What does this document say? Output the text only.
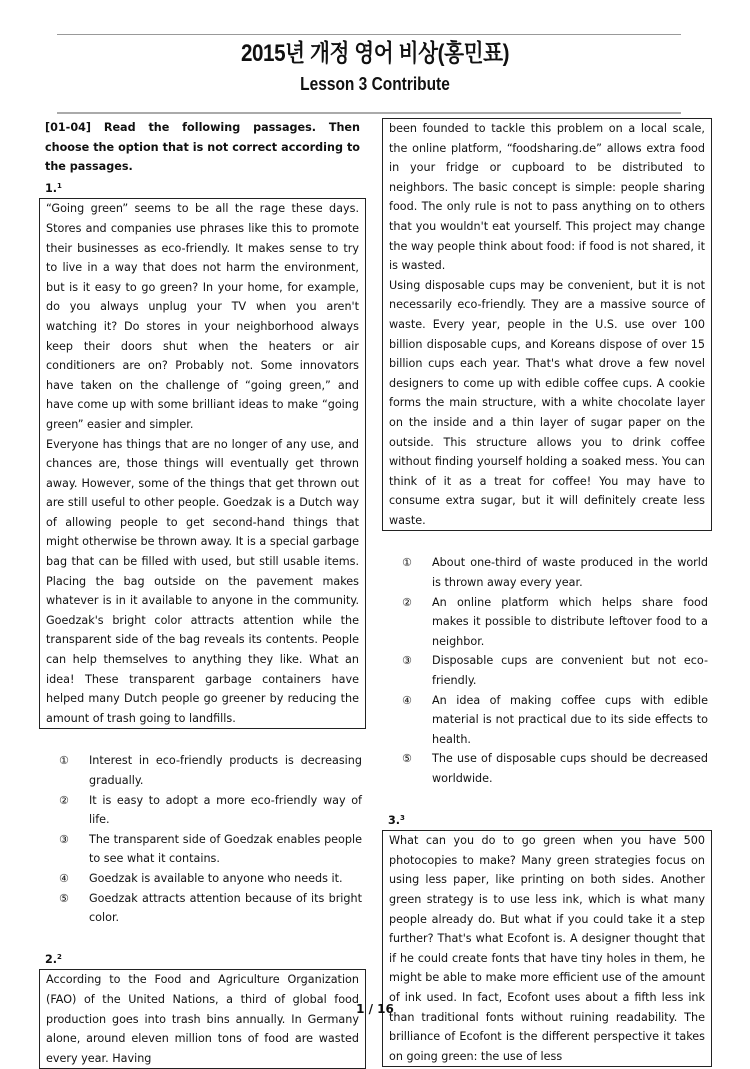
2015년 개정 영어 비상(홍민표)
Lesson 3 Contribute
[01-04] Read the following passages. Then choose the option that is not correct according to the passages.
1.$^1$

“Going green” seems to be all the rage these days. Stores and companies use phrases like this to promote their businesses as eco-friendly. It makes sense to try to live in a way that does not harm the environment, but is it easy to go green? In your home, for example, do you always unplug your TV when you aren't watching it? Do stores in your neighborhood always keep their doors shut when the heaters or air conditioners are on? Probably not. Some innovators have taken on the challenge of “going green,” and have come up with some brilliant ideas to make “going green” easier and simpler.

Everyone has things that are no longer of any use, and chances are, those things will eventually get thrown away. However, some of the things that get thrown out are still useful to other people. Goedzak is a Dutch way of allowing people to get second-hand things that might otherwise be thrown away. It is a special garbage bag that can be filled with used, but still usable items. Placing the bag outside on the pavement makes whatever is in it available to anyone in the community. Goedzak's bright color attracts attention while the transparent side of the bag reveals its contents. People can help themselves to anything they like. What an idea! These transparent garbage containers have helped many Dutch people go greener by reducing the amount of trash going to landfills.

①	Interest in eco-friendly products is decreasing gradually.
②	It is easy to adopt a more eco-friendly way of life.
③	The transparent side of Goedzak enables people to see what it contains.
④	Goedzak is available to anyone who needs it.
⑤	Goedzak attracts attention because of its bright color.
2.$^2$

According to the Food and Agriculture Organization (FAO) of the United Nations, a third of global food production goes into trash bins annually. In Germany alone, around eleven million tons of food are wasted every year. Having

been founded to tackle this problem on a local scale, the online platform, “foodsharing.de” allows extra food in your fridge or cupboard to be distributed to neighbors. The basic concept is simple: people sharing food. The only rule is not to pass anything on to others that you wouldn't eat yourself. This project may change the way people think about food: if food is not shared, it is wasted.

Using disposable cups may be convenient, but it is not necessarily eco-friendly. They are a massive source of waste. Every year, people in the U.S. use over 100 billion disposable cups, and Koreans dispose of over 15 billion cups each year. That's what drove a few novel designers to come up with edible coffee cups. A cookie forms the main structure, with a white chocolate layer on the inside and a thin layer of sugar paper on the outside. This structure allows you to drink coffee without finding yourself holding a soaked mess. You can think of it as a treat for coffee! You may have to consume extra sugar, but it will definitely create less waste.

①	About one-third of waste produced in the world is thrown away every year.
②	An online platform which helps share food makes it possible to distribute leftover food to a neighbor.
③	Disposable cups are convenient but not eco-friendly.
④	An idea of making coffee cups with edible material is not practical due to its side effects to health.
⑤	The use of disposable cups should be decreased worldwide.
3.$^3$

What can you do to go green when you have 500 photocopies to make? Many green strategies focus on using less paper, like printing on both sides. Another green strategy is to use less ink, which is what many people already do. But what if you could take it a step further? That's what Ecofont is. A designer thought that if he could create fonts that have tiny holes in them, he might be able to make more efficient use of the amount of ink used. In fact, Ecofont uses about a fifth less ink than traditional fonts without ruining readability. The brilliance of Ecofont is the different perspective it takes on going green: the use of less

1 / 16
